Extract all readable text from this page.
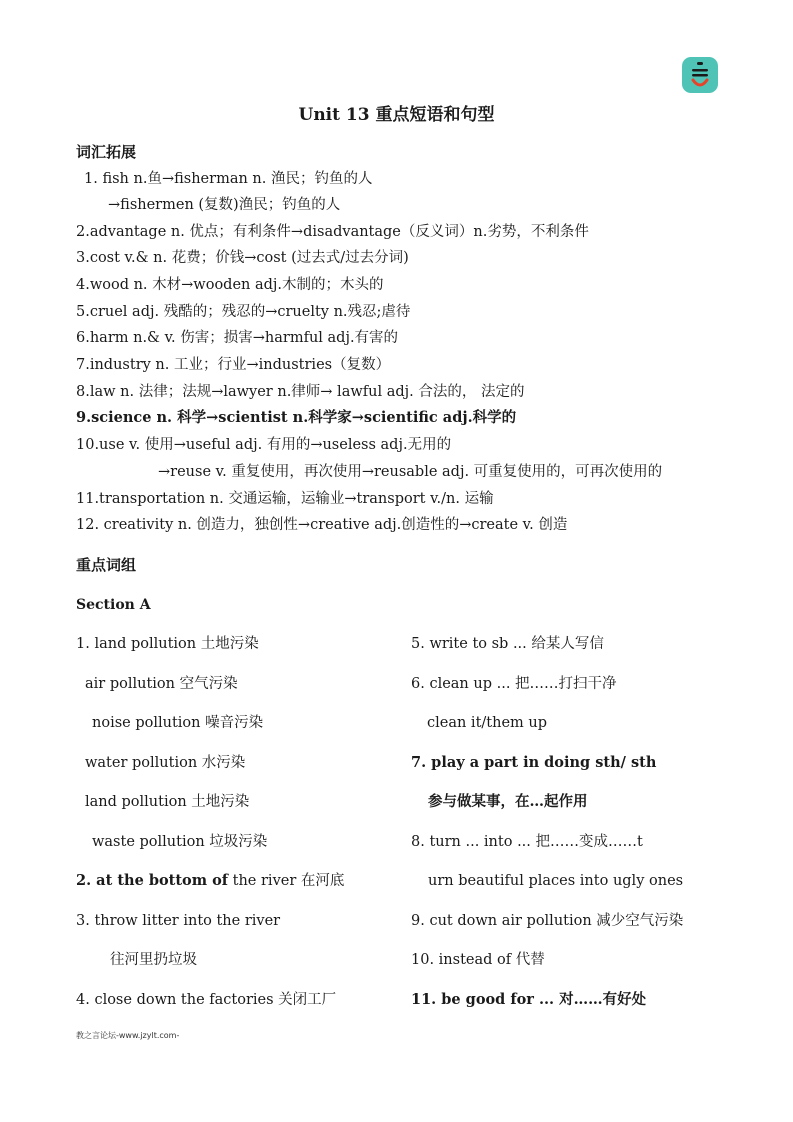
Unit 13 重点短语和句型
词汇拓展
1. fish n.鱼→fisherman n. 渔民；钓鱼的人
→fishermen (复数)渔民；钓鱼的人
2.advantage n. 优点；有利条件→disadvantage（反义词）n.劣势，不利条件
3.cost v.& n. 花费；价钱→cost (过去式/过去分词)
4.wood n. 木材→wooden adj.木制的；木头的
5.cruel adj. 残酷的；残忍的→cruelty n.残忍;虐待
6.harm n.& v. 伤害；损害→harmful adj.有害的
7.industry n. 工业；行业→industries（复数）
8.law n. 法律；法规→lawyer n.律师→ lawful adj. 合法的， 法定的
9.science n. 科学→scientist n.科学家→scientific adj.科学的
10.use v. 使用→useful adj. 有用的→useless adj.无用的
→reuse v. 重复使用，再次使用→reusable adj. 可重复使用的，可再次使用的
11.transportation n. 交通运输，运输业→transport v./n. 运输
12. creativity n. 创造力，独创性→creative adj.创造性的→create v. 创造
重点词组
Section A
1. land pollution 土地污染
air pollution 空气污染
noise pollution 噪音污染
water pollution 水污染
land pollution 土地污染
waste pollution 垃圾污染
2. at the bottom of the river 在河底
3. throw litter into the river
往河里扔垃圾
4. close down the factories 关闭工厂
5. write to sb ... 给某人写信
6. clean up ... 把……打扫干净
clean it/them up
7. play a part in doing sth/ sth
参与做某事，在…起作用
8. turn ... into ... 把……变成……t
urn beautiful places into ugly ones
9. cut down air pollution 减少空气污染
10. instead of 代替
11. be good for ... 对……有好处
教之言论坛-www.jzylt.com-
